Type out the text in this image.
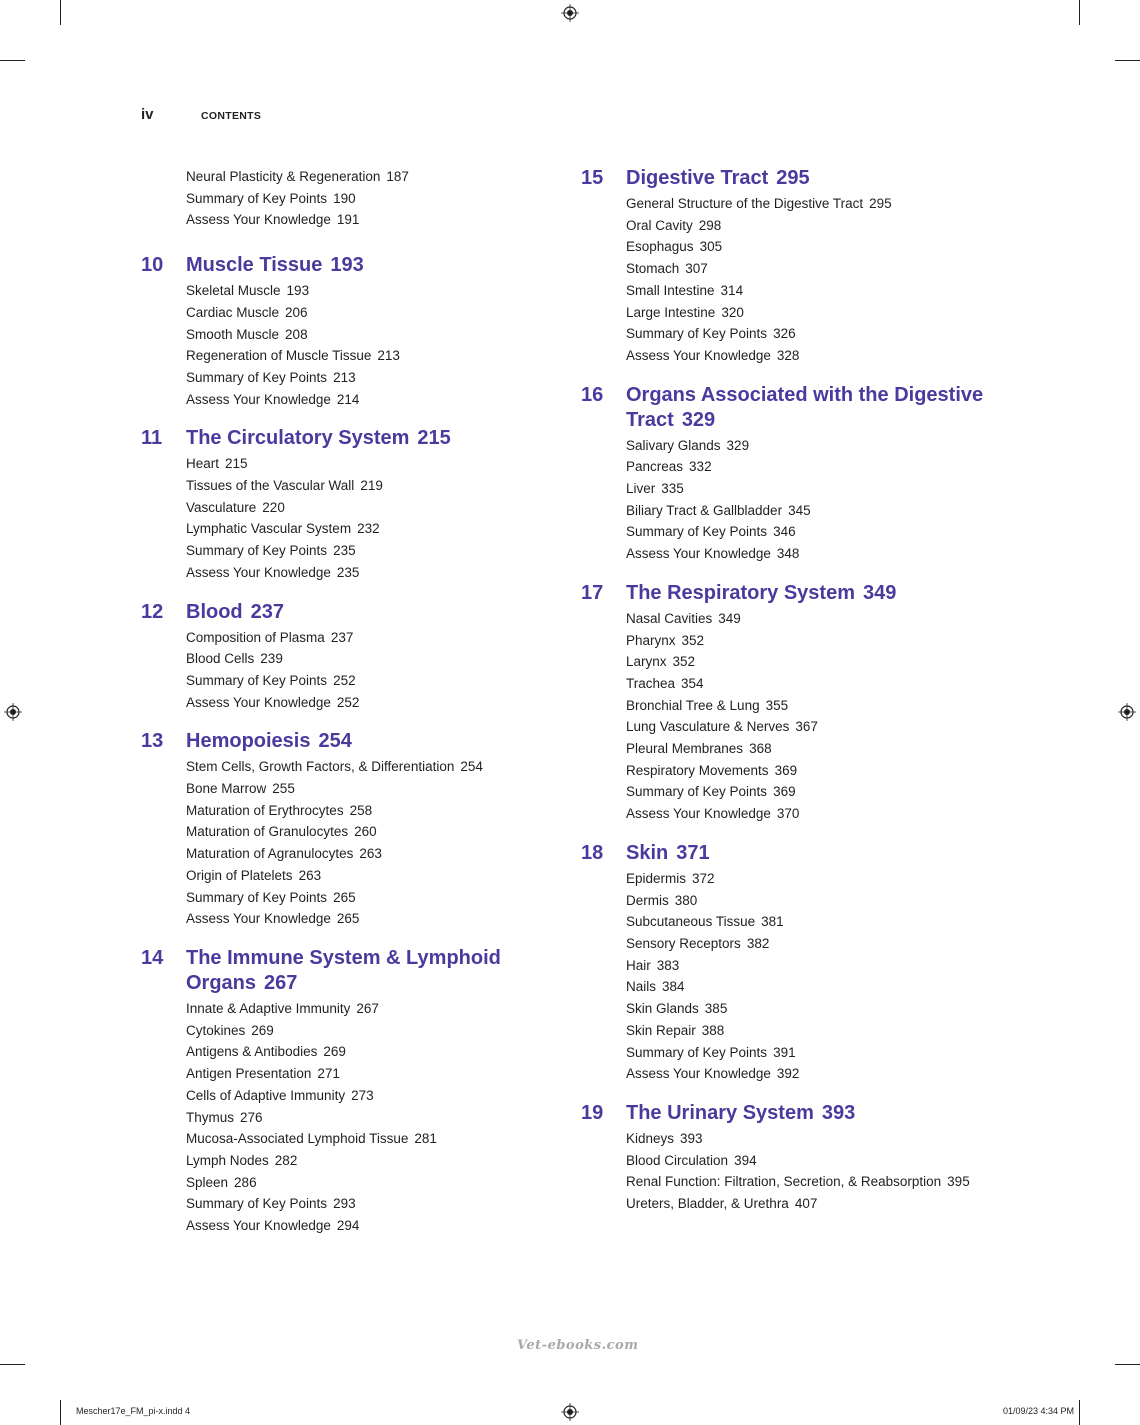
iv	CONTENTS
Neural Plasticity & Regeneration 187
Summary of Key Points 190
Assess Your Knowledge 191
10	Muscle Tissue 193
Skeletal Muscle 193
Cardiac Muscle 206
Smooth Muscle 208
Regeneration of Muscle Tissue 213
Summary of Key Points 213
Assess Your Knowledge 214
11	The Circulatory System 215
Heart 215
Tissues of the Vascular Wall 219
Vasculature 220
Lymphatic Vascular System 232
Summary of Key Points 235
Assess Your Knowledge 235
12	Blood 237
Composition of Plasma 237
Blood Cells 239
Summary of Key Points 252
Assess Your Knowledge 252
13	Hemopoiesis 254
Stem Cells, Growth Factors, & Differentiation 254
Bone Marrow 255
Maturation of Erythrocytes 258
Maturation of Granulocytes 260
Maturation of Agranulocytes 263
Origin of Platelets 263
Summary of Key Points 265
Assess Your Knowledge 265
14	The Immune System & Lymphoid Organs 267
Innate & Adaptive Immunity 267
Cytokines 269
Antigens & Antibodies 269
Antigen Presentation 271
Cells of Adaptive Immunity 273
Thymus 276
Mucosa-Associated Lymphoid Tissue 281
Lymph Nodes 282
Spleen 286
Summary of Key Points 293
Assess Your Knowledge 294
15	Digestive Tract 295
General Structure of the Digestive Tract 295
Oral Cavity 298
Esophagus 305
Stomach 307
Small Intestine 314
Large Intestine 320
Summary of Key Points 326
Assess Your Knowledge 328
16	Organs Associated with the Digestive Tract 329
Salivary Glands 329
Pancreas 332
Liver 335
Biliary Tract & Gallbladder 345
Summary of Key Points 346
Assess Your Knowledge 348
17	The Respiratory System 349
Nasal Cavities 349
Pharynx 352
Larynx 352
Trachea 354
Bronchial Tree & Lung 355
Lung Vasculature & Nerves 367
Pleural Membranes 368
Respiratory Movements 369
Summary of Key Points 369
Assess Your Knowledge 370
18	Skin 371
Epidermis 372
Dermis 380
Subcutaneous Tissue 381
Sensory Receptors 382
Hair 383
Nails 384
Skin Glands 385
Skin Repair 388
Summary of Key Points 391
Assess Your Knowledge 392
19	The Urinary System 393
Kidneys 393
Blood Circulation 394
Renal Function: Filtration, Secretion, & Reabsorption 395
Ureters, Bladder, & Urethra 407
Vet-ebooks.com
Mescher17e_FM_pi-x.indd 4	01/09/23 4:34 PM
